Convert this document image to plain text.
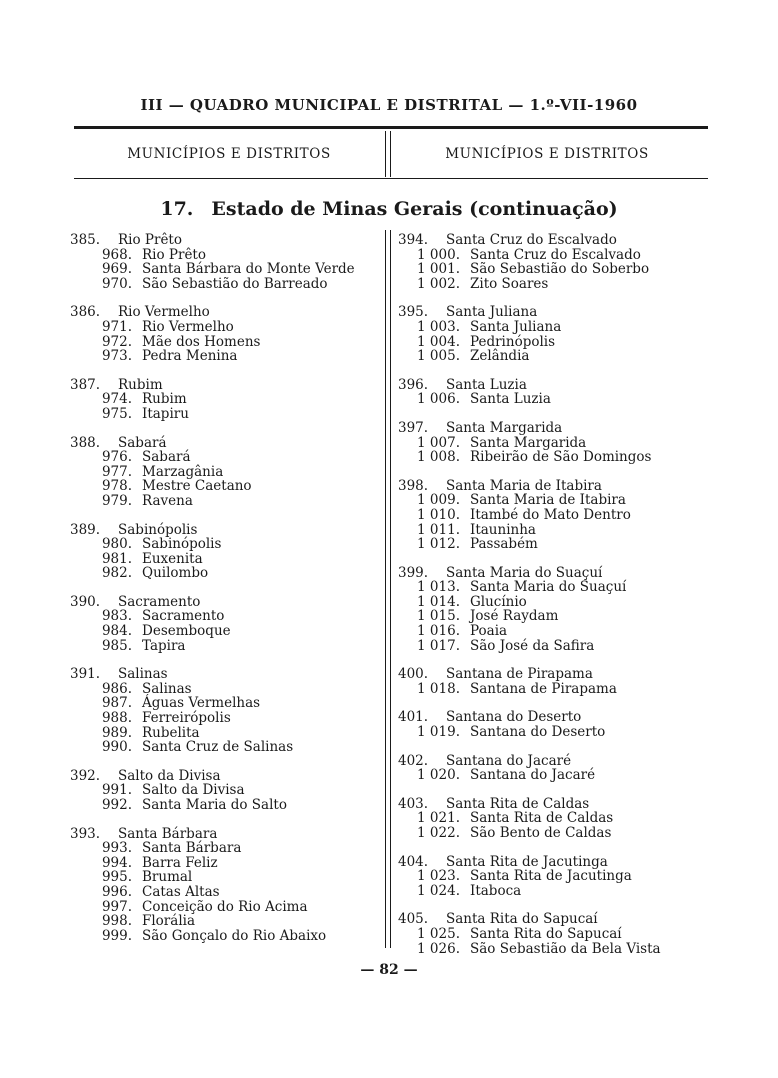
III — QUADRO MUNICIPAL E DISTRITAL — 1.º-VII-1960
MUNICÍPIOS E DISTRITOS	MUNICÍPIOS E DISTRITOS
17. Estado de Minas Gerais (continuação)
385.	Rio Prêto
968. Rio Prêto
969. Santa Bárbara do Monte Verde
970. São Sebastião do Barreado
386.	Rio Vermelho
971. Rio Vermelho
972. Mãe dos Homens
973. Pedra Menina
387.	Rubim
974. Rubim
975. Itapiru
388.	Sabará
976. Sabará
977. Marzagânia
978. Mestre Caetano
979. Ravena
389.	Sabinópolis
980. Sabinópolis
981. Euxenita
982. Quilombo
390.	Sacramento
983. Sacramento
984. Desemboque
985. Tapira
391.	Salinas
986. Salinas
987. Águas Vermelhas
988. Ferreirópolis
989. Rubelita
990. Santa Cruz de Salinas
392.	Salto da Divisa
991. Salto da Divisa
992. Santa Maria do Salto
393.	Santa Bárbara
993. Santa Bárbara
994. Barra Feliz
995. Brumal
996. Catas Altas
997. Conceição do Rio Acima
998. Florália
999. São Gonçalo do Rio Abaixo
394.	Santa Cruz do Escalvado
1 000. Santa Cruz do Escalvado
1 001. São Sebastião do Soberbo
1 002. Zito Soares
395.	Santa Juliana
1 003. Santa Juliana
1 004. Pedrinópolis
1 005. Zelândia
396.	Santa Luzia
1 006. Santa Luzia
397.	Santa Margarida
1 007. Santa Margarida
1 008. Ribeirão de São Domingos
398.	Santa Maria de Itabira
1 009. Santa Maria de Itabira
1 010. Itambé do Mato Dentro
1 011. Itauninha
1 012. Passabém
399.	Santa Maria do Suaçuí
1 013. Santa Maria do Suaçuí
1 014. Glucínio
1 015. José Raydam
1 016. Poaia
1 017. São José da Safira
400.	Santana de Pirapama
1 018. Santana de Pirapama
401.	Santana do Deserto
1 019. Santana do Deserto
402.	Santana do Jacaré
1 020. Santana do Jacaré
403.	Santa Rita de Caldas
1 021. Santa Rita de Caldas
1 022. São Bento de Caldas
404.	Santa Rita de Jacutinga
1 023. Santa Rita de Jacutinga
1 024. Itaboca
405.	Santa Rita do Sapucaí
1 025. Santa Rita do Sapucaí
1 026. São Sebastião da Bela Vista
— 82 —
